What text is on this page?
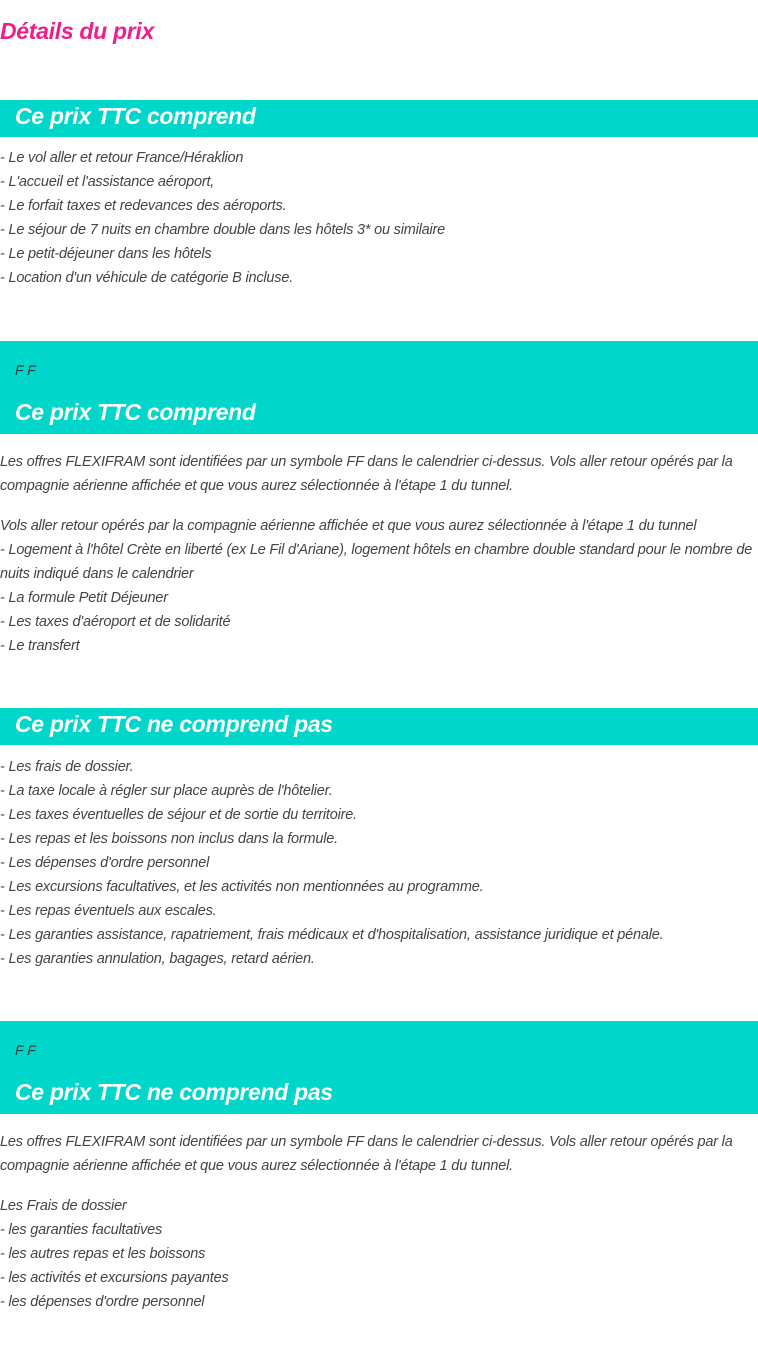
Détails du prix
Ce prix TTC comprend
- Le vol aller et retour France/Héraklion
- L'accueil et l'assistance aéroport,
- Le forfait taxes et redevances des aéroports.
- Le séjour de 7 nuits en chambre double dans les hôtels 3* ou similaire
- Le petit-déjeuner dans les hôtels
- Location d'un véhicule de catégorie B incluse.
F F
Ce prix TTC comprend
Les offres FLEXIFRAM sont identifiées par un symbole FF dans le calendrier ci-dessus. Vols aller retour opérés par la compagnie aérienne affichée et que vous aurez sélectionnée à l'étape 1 du tunnel.
Vols aller retour opérés par la compagnie aérienne affichée et que vous aurez sélectionnée à l'étape 1 du tunnel
- Logement à l'hôtel Crète en liberté (ex Le Fil d'Ariane), logement hôtels en chambre double standard pour le nombre de nuits indiqué dans le calendrier
- La formule Petit Déjeuner
- Les taxes d'aéroport et de solidarité
- Le transfert
Ce prix TTC ne comprend pas
- Les frais de dossier.
- La taxe locale à régler sur place auprès de l'hôtelier.
- Les taxes éventuelles de séjour et de sortie du territoire.
- Les repas et les boissons non inclus dans la formule.
- Les dépenses d'ordre personnel
- Les excursions facultatives, et les activités non mentionnées au programme.
- Les repas éventuels aux escales.
- Les garanties assistance, rapatriement, frais médicaux et d'hospitalisation, assistance juridique et pénale.
- Les garanties annulation, bagages, retard aérien.
F F
Ce prix TTC ne comprend pas
Les offres FLEXIFRAM sont identifiées par un symbole FF dans le calendrier ci-dessus. Vols aller retour opérés par la compagnie aérienne affichée et que vous aurez sélectionnée à l'étape 1 du tunnel.
Les Frais de dossier
- les garanties facultatives
- les autres repas et les boissons
- les activités et excursions payantes
- les dépenses d'ordre personnel
